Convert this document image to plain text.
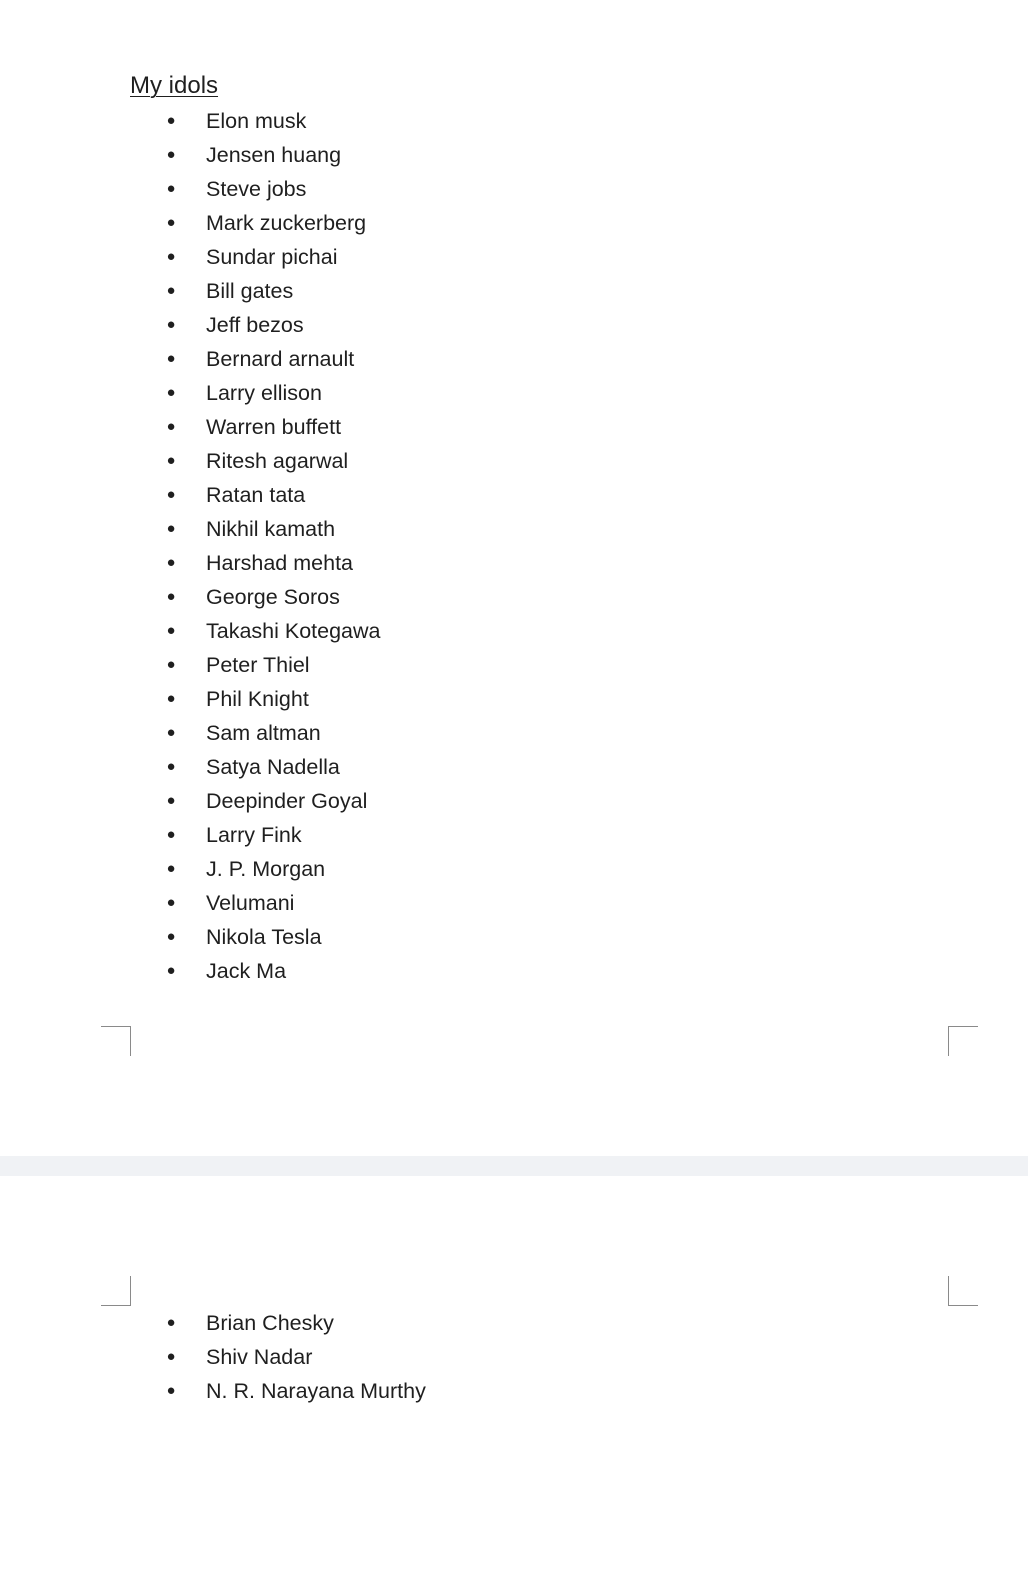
My idols
● Elon musk
● Jensen huang
● Steve jobs
● Mark zuckerberg
● Sundar pichai
● Bill gates
● Jeff bezos
● Bernard arnault
● Larry ellison
● Warren buffett
● Ritesh agarwal
● Ratan tata
● Nikhil kamath
● Harshad mehta
● George Soros
● Takashi Kotegawa
● Peter Thiel
● Phil Knight
● Sam altman
● Satya Nadella
● Deepinder Goyal
● Larry Fink
● J. P. Morgan
● Velumani
● Nikola Tesla
● Jack Ma
● Brian Chesky
● Shiv Nadar
● N. R. Narayana Murthy
